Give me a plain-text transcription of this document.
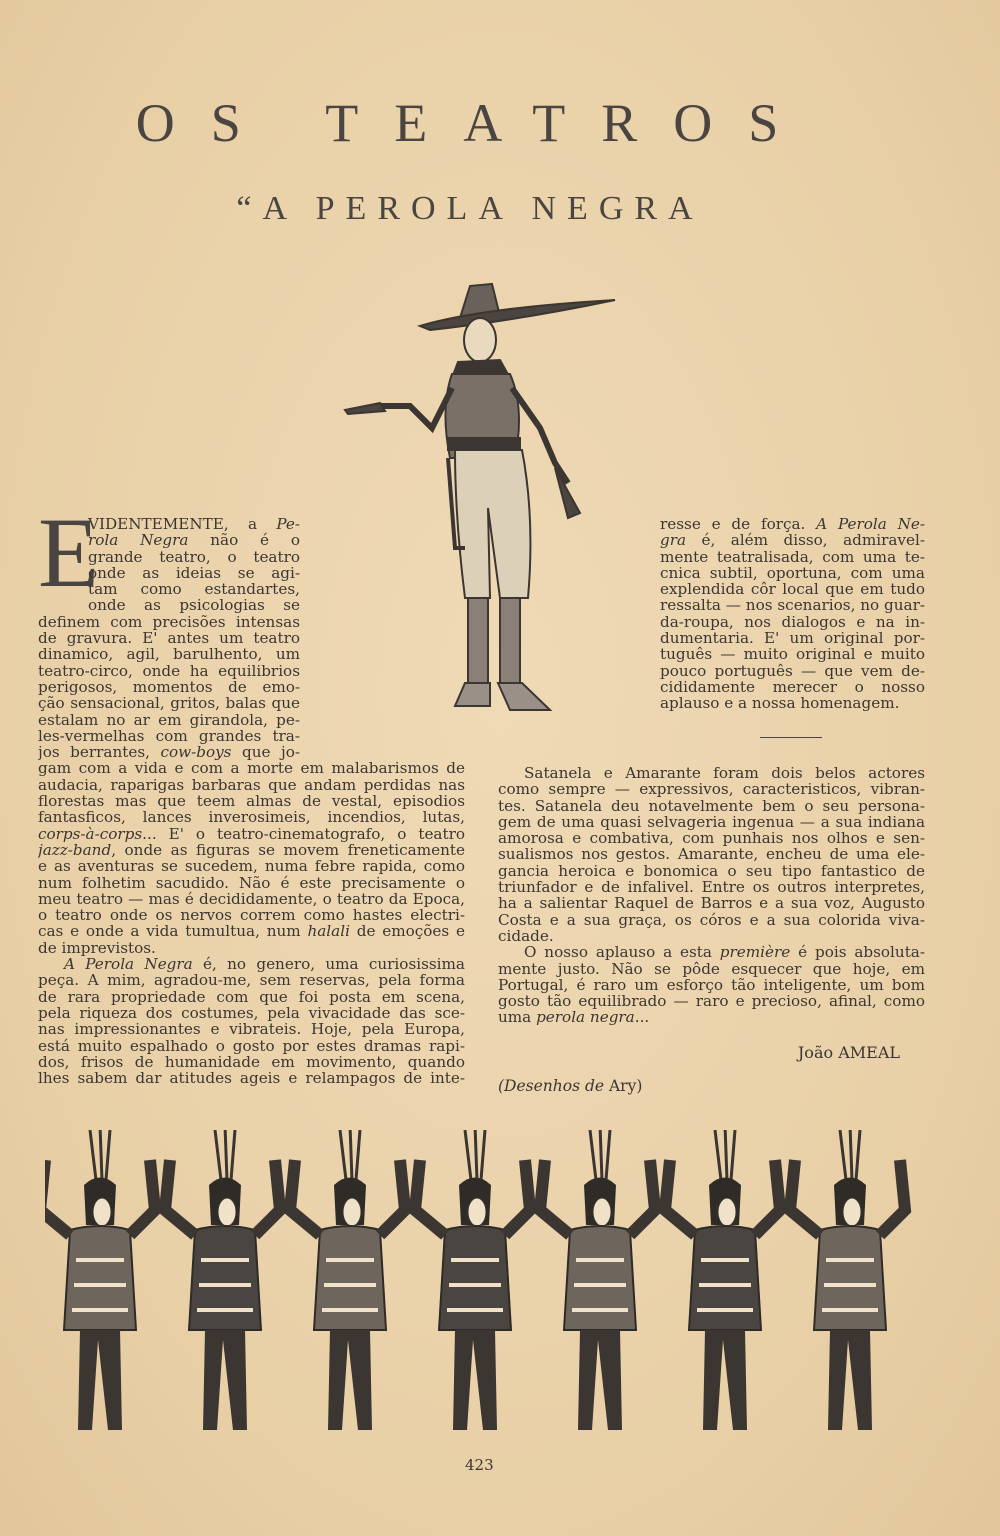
OS TEATROS
“A PEROLA NEGRA
E
VIDENTEMENTE, a Pe-
rola Negra não é o
grande teatro, o teatro
onde as ideias se agi-
tam como estandartes,
onde as psicologias se
definem com precisões intensas
de gravura. E' antes um teatro
dinamico, agil, barulhento, um
teatro-circo, onde ha equilibrios
perigosos, momentos de emo-
ção sensacional, gritos, balas que
estalam no ar em girandola, pe-
les-vermelhas com grandes tra-
jos berrantes, cow-boys que jo-
gam com a vida e com a morte em malabarismos de
audacia, raparigas barbaras que andam perdidas nas
florestas mas que teem almas de vestal, episodios
fantasficos, lances inverosimeis, incendios, lutas,
corps-à-corps... E' o teatro-cinematografo, o teatro
jazz-band, onde as figuras se movem freneticamente
e as aventuras se sucedem, numa febre rapida, como
num folhetim sacudido. Não é este precisamente o
meu teatro — mas é decididamente, o teatro da Epoca,
o teatro onde os nervos correm como hastes electri-
cas e onde a vida tumultua, num halali de emoções e
de imprevistos.
A Perola Negra é, no genero, uma curiosissima
peça. A mim, agradou-me, sem reservas, pela forma
de rara propriedade com que foi posta em scena,
pela riqueza dos costumes, pela vivacidade das sce-
nas impressionantes e vibrateis. Hoje, pela Europa,
está muito espalhado o gosto por estes dramas rapi-
dos, frisos de humanidade em movimento, quando
lhes sabem dar atitudes ageis e relampagos de inte-
resse e de força. A Perola Ne-
gra é, além disso, admiravel-
mente teatralisada, com uma te-
cnica subtil, oportuna, com uma
explendida côr local que em tudo
ressalta — nos scenarios, no guar-
da-roupa, nos dialogos e na in-
dumentaria. E' um original por-
tuguês — muito original e muito
pouco português — que vem de-
cididamente merecer o nosso
aplauso e a nossa homenagem.
Satanela e Amarante foram dois belos actores
como sempre — expressivos, caracteristicos, vibran-
tes. Satanela deu notavelmente bem o seu persona-
gem de uma quasi selvageria ingenua — a sua indiana
amorosa e combativa, com punhais nos olhos e sen-
sualismos nos gestos. Amarante, encheu de uma ele-
gancia heroica e bonomica o seu tipo fantastico de
triunfador e de infalivel. Entre os outros interpretes,
ha a salientar Raquel de Barros e a sua voz, Augusto
Costa e a sua graça, os córos e a sua colorida viva-
cidade.
O nosso aplauso a esta première é pois absoluta-
mente justo. Não se pôde esquecer que hoje, em
Portugal, é raro um esforço tão inteligente, um bom
gosto tão equilibrado — raro e precioso, afinal, como
uma perola negra...
João AMEAL
(Desenhos de Ary)
423
